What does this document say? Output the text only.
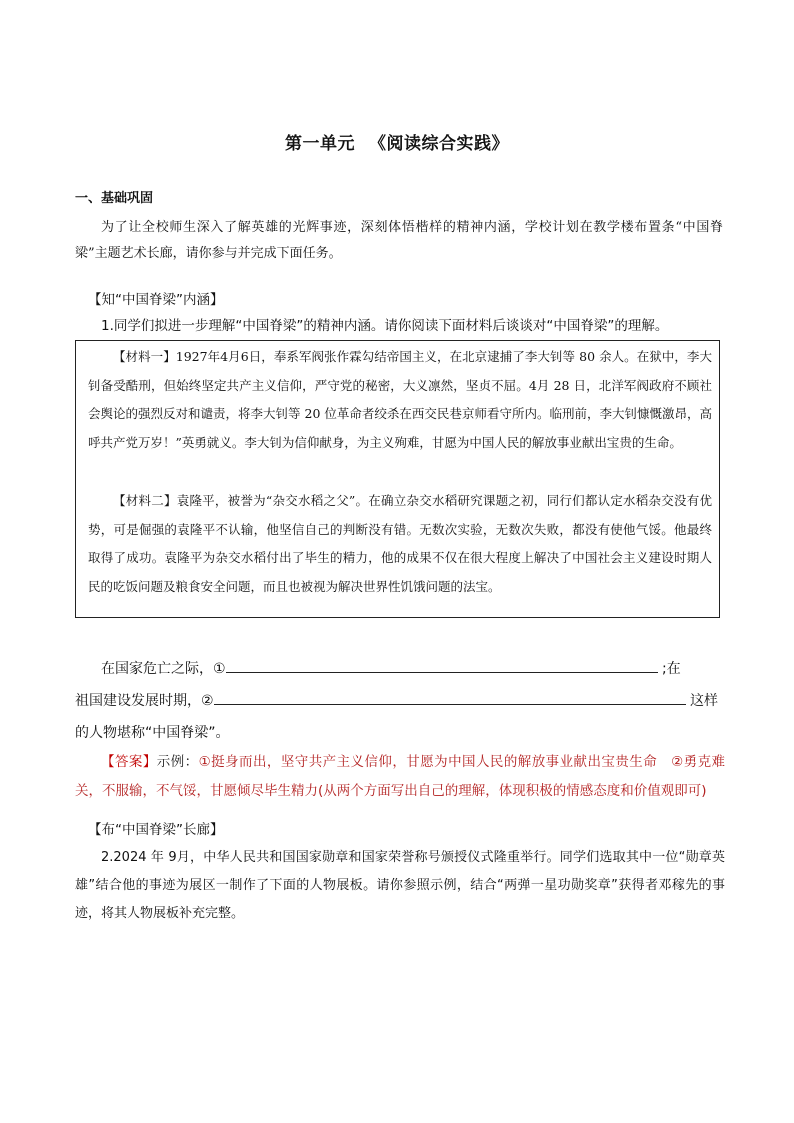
第一单元 《阅读综合实践》
一、基础巩固
为了让全校师生深入了解英雄的光辉事迹，深刻体悟楷样的精神内涵，学校计划在教学楼布置条“中国脊梁”主题艺术长廊，请你参与并完成下面任务。
【知“中国脊梁”内涵】
1.同学们拟进一步理解“中国脊梁”的精神内涵。请你阅读下面材料后谈谈对“中国脊梁”的理解。
【材料一】1927年4月6日，奉系军阀张作霖勾结帝国主义，在北京逮捕了李大钊等 80 余人。在狱中，李大钊备受酷刑，但始终坚定共产主义信仰，严守党的秘密，大义凛然，坚贞不屈。4月 28 日，北洋军阀政府不顾社会舆论的强烈反对和谴责，将李大钊等 20 位革命者绞杀在西交民巷京师看守所内。临刑前，李大钊慷慨激昂，高呼共产党万岁！”英勇就义。李大钊为信仰献身，为主义殉难，甘愿为中国人民的解放事业献出宝贵的生命。
【材料二】袁隆平，被誉为“杂交水稻之父”。在确立杂交水稻研究课题之初，同行们都认定水稻杂交没有优势，可是倔强的袁隆平不认输，他坚信自己的判断没有错。无数次实验，无数次失败，都没有使他气馁。他最终取得了成功。袁隆平为杂交水稻付出了毕生的精力，他的成果不仅在很大程度上解决了中国社会主义建设时期人民的吃饭问题及粮食安全问题，而且也被视为解决世界性饥饿问题的法宝。
在国家危亡之际，①	;在
祖国建设发展时期，②	这样
的人物堪称“中国脊梁”。
【答案】示例：①挺身而出，坚守共产主义信仰，甘愿为中国人民的解放事业献出宝贵生命　②勇克难关，不服输，不气馁，甘愿倾尽毕生精力(从两个方面写出自己的理解，体现积极的情感态度和价值观即可)
【布“中国脊梁”长廊】
2.2024 年 9月，中华人民共和国国家勋章和国家荣誉称号颁授仪式隆重举行。同学们选取其中一位“勋章英雄”结合他的事迹为展区一制作了下面的人物展板。请你参照示例，结合“两弹一星功勋奖章”获得者邓稼先的事迹，将其人物展板补充完整。
